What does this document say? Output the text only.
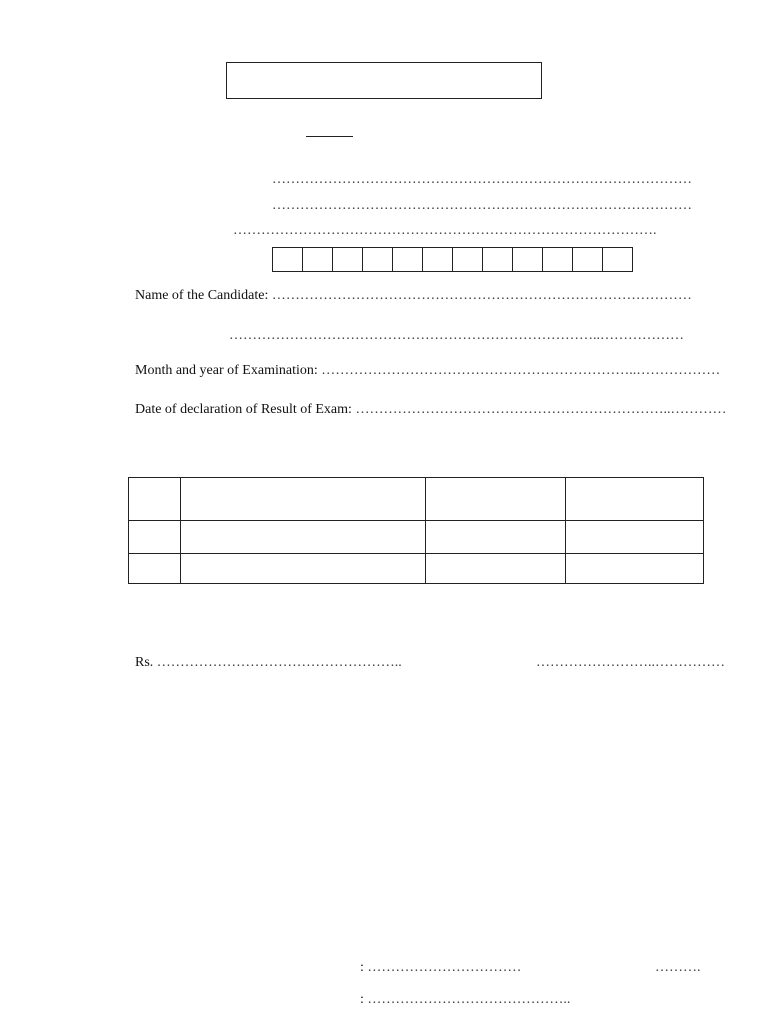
………………………………………………………………………………
………………………………………………………………………………
……………………………………………………………………………….
Name of the Candidate: ………………………………………………………………………………
……………………………………………………………………..………………
Month and year of Examination: …………………………………………………………..………………
Date of declaration of Result of Exam: …………………………………………………………..…………

Rs. ……………………………………………..	……………………..……………
: ……………………………	……….
: ……………………………………..
